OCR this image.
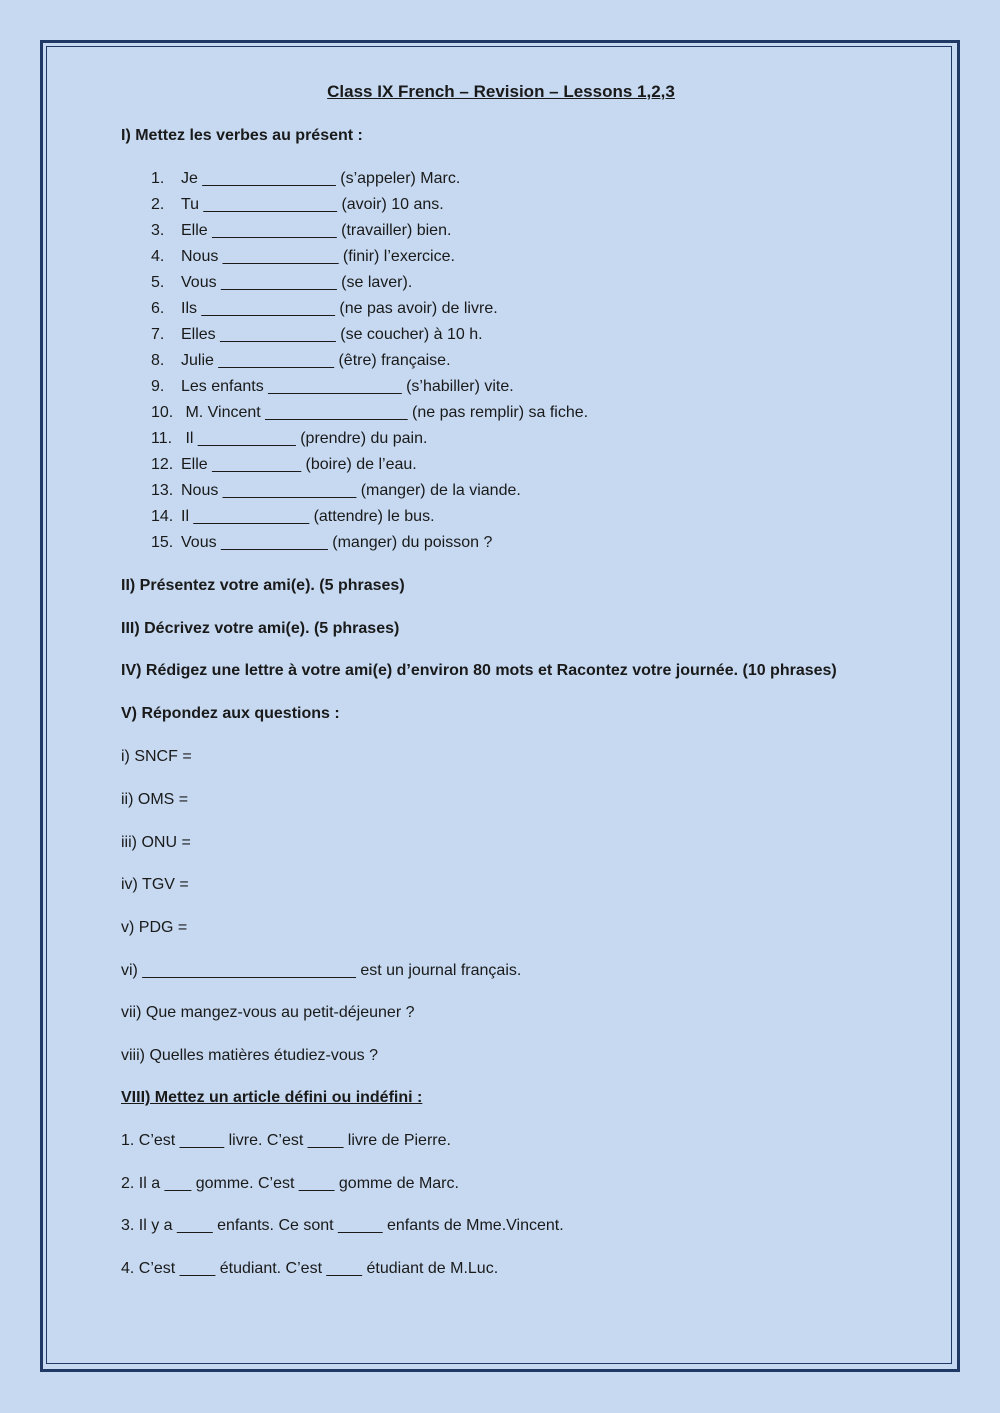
Class IX French – Revision – Lessons 1,2,3
I) Mettez les verbes au présent :
1. Je _______________ (s’appeler) Marc.
2. Tu _______________ (avoir) 10 ans.
3. Elle ______________ (travailler) bien.
4. Nous _____________ (finir) l’exercice.
5. Vous _____________ (se laver).
6. Ils _______________ (ne pas avoir) de livre.
7. Elles _____________ (se coucher) à 10 h.
8. Julie _____________ (être) française.
9. Les enfants _______________ (s’habiller) vite.
10. M. Vincent ________________ (ne pas remplir) sa fiche.
11. Il ___________ (prendre) du pain.
12. Elle __________ (boire) de l’eau.
13. Nous _______________ (manger) de la viande.
14. Il _____________ (attendre) le bus.
15. Vous ____________ (manger) du poisson ?
II) Présentez votre ami(e). (5 phrases)
III) Décrivez votre ami(e). (5 phrases)
IV) Rédigez une lettre à votre ami(e) d’environ 80 mots et Racontez votre journée. (10 phrases)
V) Répondez aux questions :
i) SNCF =
ii) OMS =
iii) ONU =
iv) TGV =
v) PDG =
vi) ________________________ est un journal français.
vii) Que mangez-vous au petit-déjeuner ?
viii) Quelles matières étudiez-vous ?
VIII) Mettez un article défini ou indéfini :
1. C’est _____ livre. C’est ____ livre de Pierre.
2. Il a ___ gomme. C’est ____ gomme de Marc.
3. Il y a ____ enfants. Ce sont _____ enfants de Mme.Vincent.
4. C’est ____ étudiant. C’est ____ étudiant de M.Luc.
